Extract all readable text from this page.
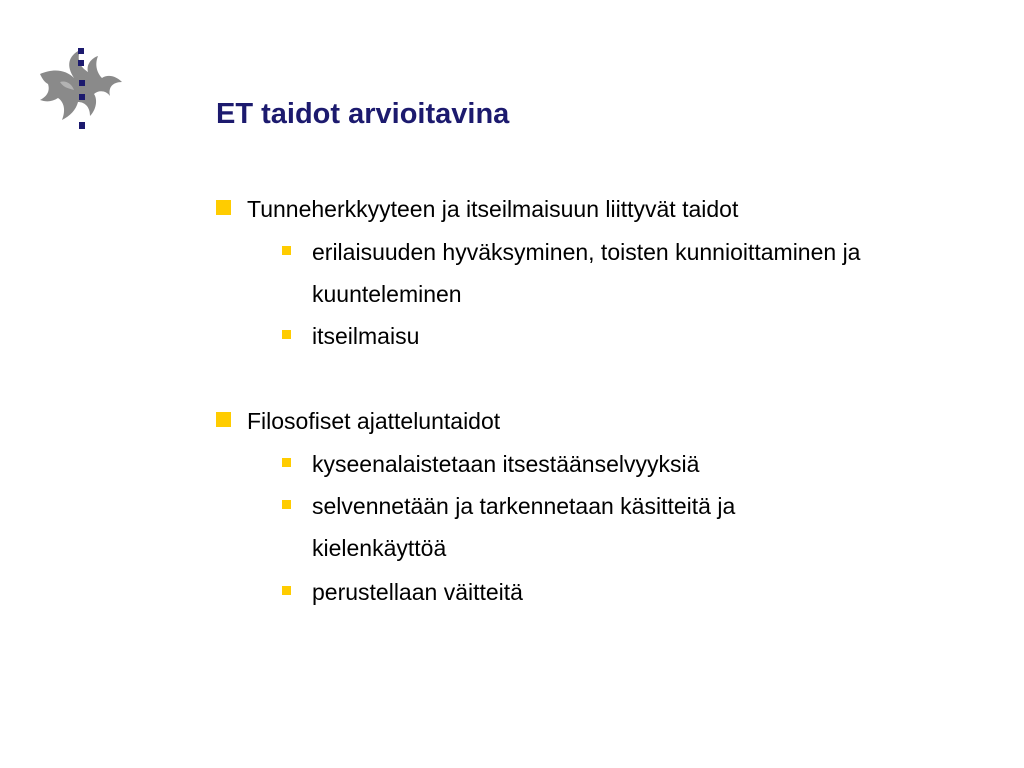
ET taidot arvioitavina
Tunneherkkyyteen ja itseilmaisuun liittyvät taidot
erilaisuuden hyväksyminen, toisten kunnioittaminen ja kuunteleminen
itseilmaisu
Filosofiset ajatteluntaidot
kyseenalaistetaan itsestäänselvyyksiä
selvennetään ja tarkennetaan käsitteitä ja kielenkäyttöä
perustellaan väitteitä
